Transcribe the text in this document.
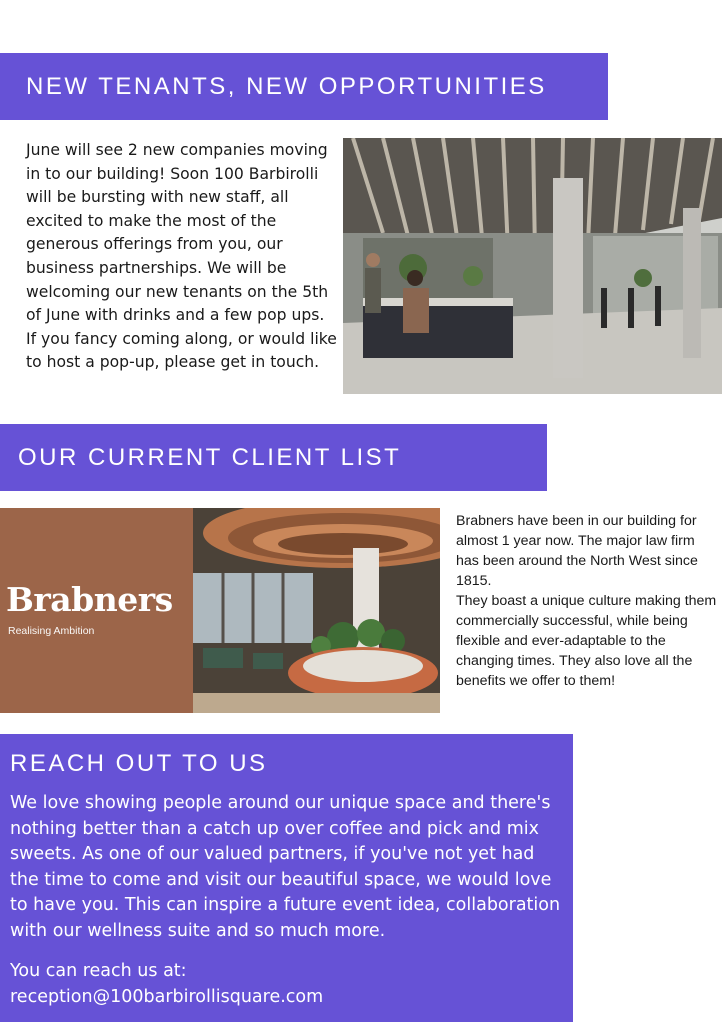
NEW TENANTS, NEW OPPORTUNITIES

June will see 2 new companies moving in to our building! Soon 100 Barbirolli will be bursting with new staff, all excited to make the most of the generous offerings from you, our business partnerships. We will be welcoming our new tenants on the 5th of June with drinks and a few pop ups. If you fancy coming along, or would like to host a pop-up, please get in touch.

OUR CURRENT CLIENT LIST
Brabners
Realising Ambition

Brabners have been in our building for almost 1 year now. The major law firm has been around the North West since 1815.

They boast a unique culture making them commercially successful, while being flexible and ever-adaptable to the changing times. They also love all the benefits we offer to them!

REACH OUT TO US

We love showing people around our unique space and there's nothing better than a catch up over coffee and pick and mix sweets. As one of our valued partners, if you've not yet had the time to come and visit our beautiful space, we would love to have you. This can inspire a future event idea, collaboration with our wellness suite and so much more.

You can reach us at:
reception@100barbirollisquare.com
